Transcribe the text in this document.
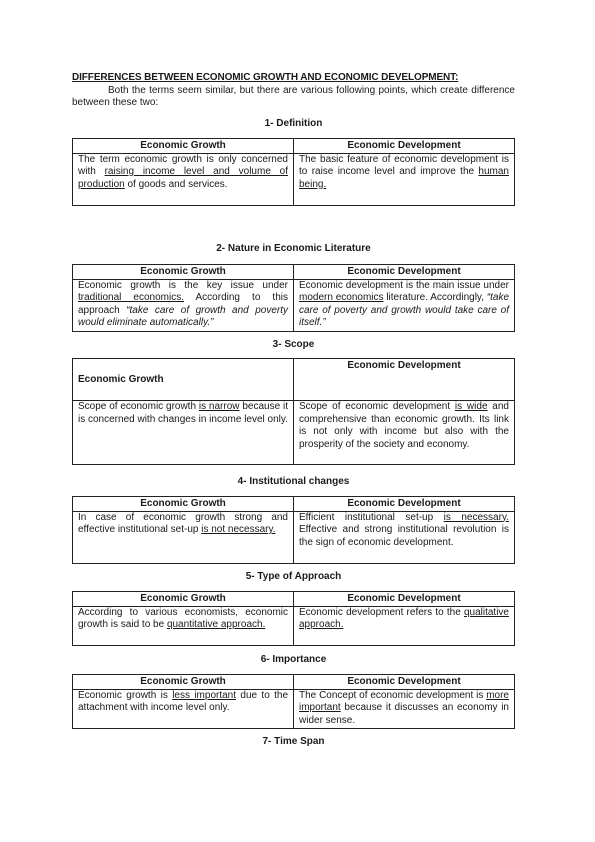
DIFFERENCES BETWEEN ECONOMIC GROWTH AND ECONOMIC DEVELOPMENT:

Both the terms seem similar, but there are various following points, which create difference between these two:

1- Definition
Economic Growth	Economic Development
The term economic growth is only concerned with raising income level and volume of production of goods and services.	The basic feature of economic development is to raise income level and improve the human being.
2- Nature in Economic Literature
Economic Growth	Economic Development
Economic growth is the key issue under traditional economics. According to this approach “take care of growth and poverty would eliminate automatically.”	Economic development is the main issue under modern economics literature. Accordingly, “take care of poverty and growth would take care of itself.”
3- Scope
Economic Growth	Economic Development
Scope of economic growth is narrow because it is concerned with changes in income level only.	Scope of economic development is wide and comprehensive than economic growth. Its link is not only with income but also with the prosperity of the society and economy.
4- Institutional changes
Economic Growth	Economic Development
In case of economic growth strong and effective institutional set-up is not necessary.	Efficient institutional set-up is necessary. Effective and strong institutional revolution is the sign of economic development.
5- Type of Approach
Economic Growth	Economic Development
According to various economists, economic growth is said to be quantitative approach.	Economic development refers to the qualitative approach.
6- Importance
Economic Growth	Economic Development
Economic growth is less important due to the attachment with income level only.	The Concept of economic development is more important because it discusses an economy in wider sense.
7- Time Span
